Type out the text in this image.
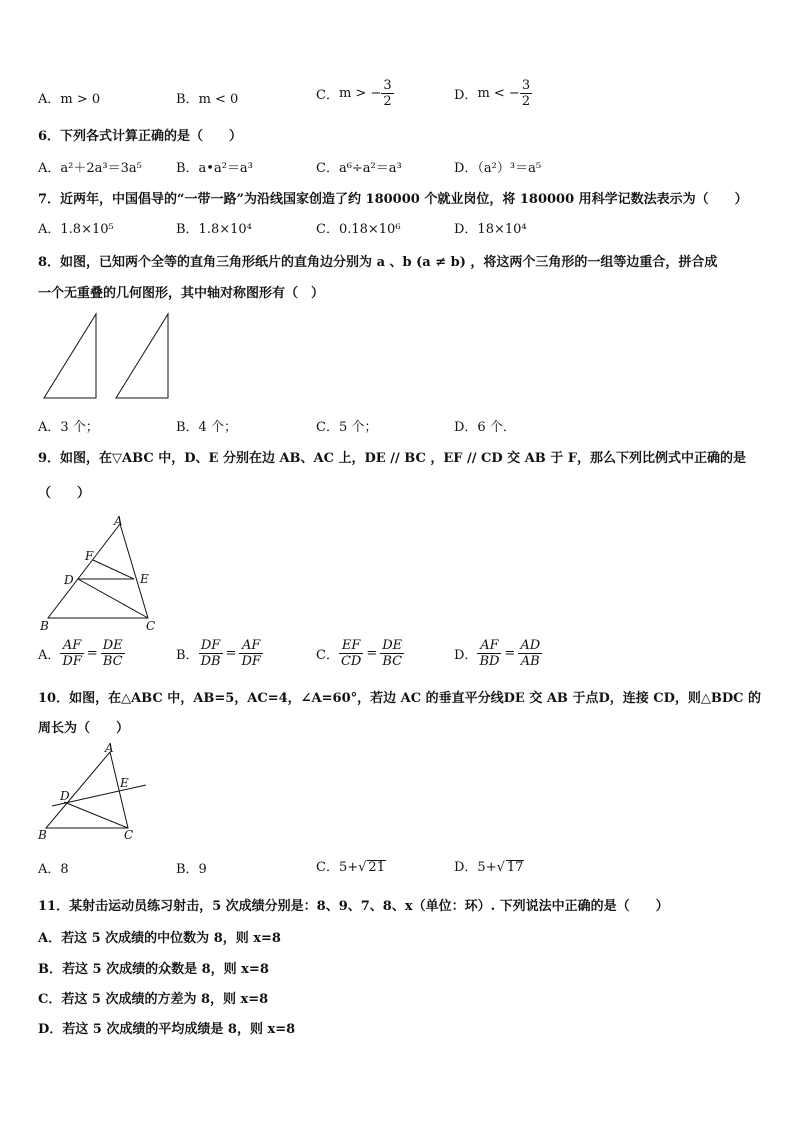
A．m > 0	B．m < 0	C．m > − $\frac{3}{2}$	D．m < − $\frac{3}{2}$
6．下列各式计算正确的是（　　）
A．a²＋2a³＝3a⁵	B．a•a²＝a³	C．a⁶÷a²＝a³	D．（a²）³＝a⁵
7．近两年，中国倡导的“一带一路”为沿线国家创造了约 180000 个就业岗位，将 180000 用科学记数法表示为（　　）
A．1.8×10⁵	B．1.8×10⁴	C．0.18×10⁶	D．18×10⁴
8．如图，已知两个全等的直角三角形纸片的直角边分别为 a 、b (a ≠ b) ，将这两个三角形的一组等边重合，拼合成
一个无重叠的几何图形，其中轴对称图形有（　）
A．3 个；	B．4 个；	C．5 个；	D．6 个．
9．如图，在▽ABC 中，D、E 分别在边 AB、AC 上，DE // BC ，EF // CD 交 AB 于 F，那么下列比例式中正确的是
（　　）
A
F
D	E
B	C
A． $\frac{AF}{DF} = \frac{DE}{BC}$	B． $\frac{DF}{DB} = \frac{AF}{DF}$	C． $\frac{EF}{CD} = \frac{DE}{BC}$	D． $\frac{AF}{BD} = \frac{AD}{AB}$
10．如图，在△ABC 中，AB=5，AC=4，∠A=60°，若边 AC 的垂直平分线DE 交 AB 于点D，连接 CD，则△BDC 的
周长为（　　）
A
E
D
B	C
A．8	B．9	C．5+√ 21	D．5+√ 17
11．某射击运动员练习射击，5 次成绩分别是：8、9、7、8、x（单位：环）. 下列说法中正确的是（　　）
A．若这 5 次成绩的中位数为 8，则 x=8
B．若这 5 次成绩的众数是 8，则 x=8
C．若这 5 次成绩的方差为 8，则 x=8
D．若这 5 次成绩的平均成绩是 8，则 x=8
